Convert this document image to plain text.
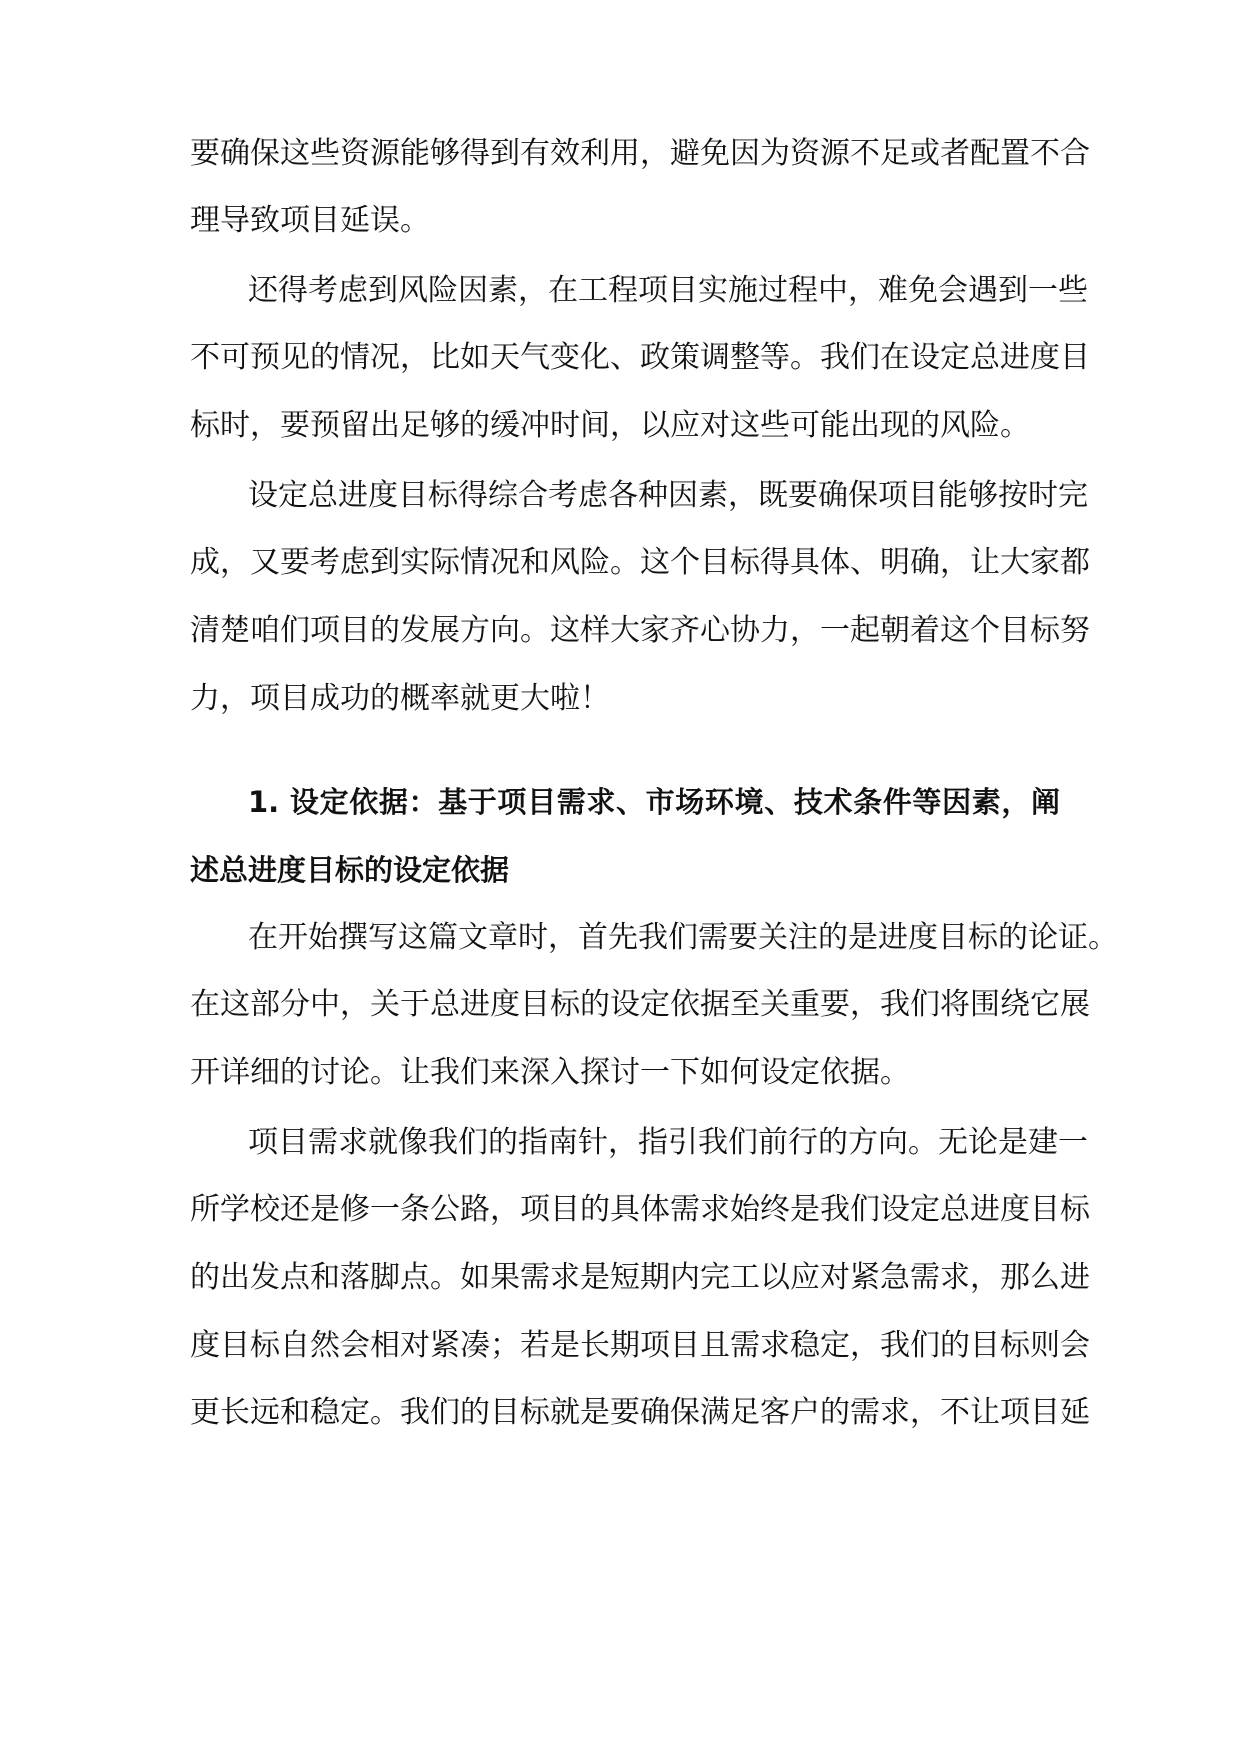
要确保这些资源能够得到有效利用，避免因为资源不足或者配置不合
理导致项目延误。
还得考虑到风险因素，在工程项目实施过程中，难免会遇到一些
不可预见的情况，比如天气变化、政策调整等。我们在设定总进度目
标时，要预留出足够的缓冲时间，以应对这些可能出现的风险。
设定总进度目标得综合考虑各种因素，既要确保项目能够按时完
成，又要考虑到实际情况和风险。这个目标得具体、明确，让大家都
清楚咱们项目的发展方向。这样大家齐心协力，一起朝着这个目标努
力，项目成功的概率就更大啦！
1. 设定依据：基于项目需求、市场环境、技术条件等因素，阐
述总进度目标的设定依据
在开始撰写这篇文章时，首先我们需要关注的是进度目标的论证。
在这部分中，关于总进度目标的设定依据至关重要，我们将围绕它展
开详细的讨论。让我们来深入探讨一下如何设定依据。
项目需求就像我们的指南针，指引我们前行的方向。无论是建一
所学校还是修一条公路，项目的具体需求始终是我们设定总进度目标
的出发点和落脚点。如果需求是短期内完工以应对紧急需求，那么进
度目标自然会相对紧凑；若是长期项目且需求稳定，我们的目标则会
更长远和稳定。我们的目标就是要确保满足客户的需求，不让项目延
